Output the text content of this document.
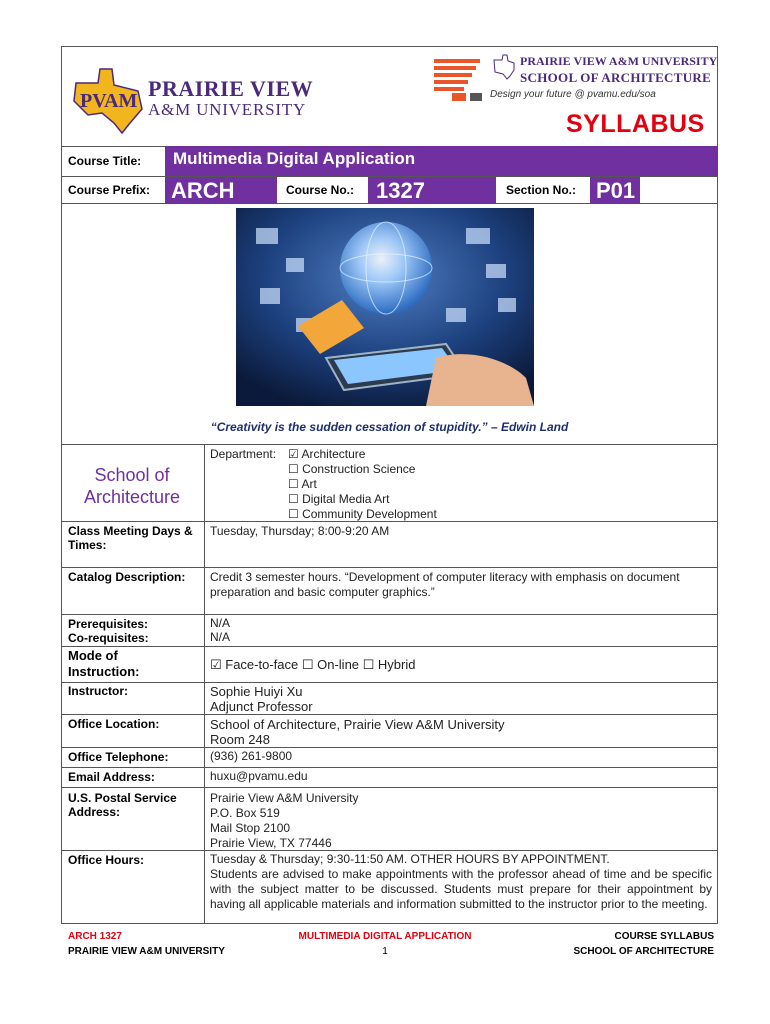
PVAM PRAIRIE VIEW
A&M UNIVERSITY
PRAIRIE VIEW A&M UNIVERSITY
SCHOOL OF ARCHITECTURE
Design your future @ pvamu.edu/soa
SYLLABUS
Course Title:	Multimedia Digital Application
Course Prefix: ARCH	Course No.: 1327	Section No.: P01
“Creativity is the sudden cessation of stupidity.” – Edwin Land
School of Architecture
Department: ☑ Architecture
☐ Construction Science
☐ Art
☐ Digital Media Art
☐ Community Development
Class Meeting Days & Times:
Tuesday, Thursday; 8:00-9:20 AM
Catalog Description: Credit 3 semester hours. “Development of computer literacy with emphasis on document preparation and basic computer graphics.”
Prerequisites:	N/A
Co-requisites:	N/A
Mode of Instruction:	☑ Face-to-face ☐ On-line ☐ Hybrid
Instructor:	Sophie Huiyi Xu
Adjunct Professor
Office Location:	School of Architecture, Prairie View A&M University
Room 248
Office Telephone:	(936) 261-9800
Email Address:	huxu@pvamu.edu
U.S. Postal Service Address:
Prairie View A&M University
P.O. Box 519
Mail Stop 2100
Prairie View, TX 77446
Office Hours:	Tuesday & Thursday; 9:30-11:50 AM. OTHER HOURS BY APPOINTMENT.
Students are advised to make appointments with the professor ahead of time and be specific with the subject matter to be discussed. Students must prepare for their appointment by having all applicable materials and information submitted to the instructor prior to the meeting.
ARCH 1327
PRAIRIE VIEW A&M UNIVERSITY
MULTIMEDIA DIGITAL APPLICATION
1
COURSE SYLLABUS
SCHOOL OF ARCHITECTURE
